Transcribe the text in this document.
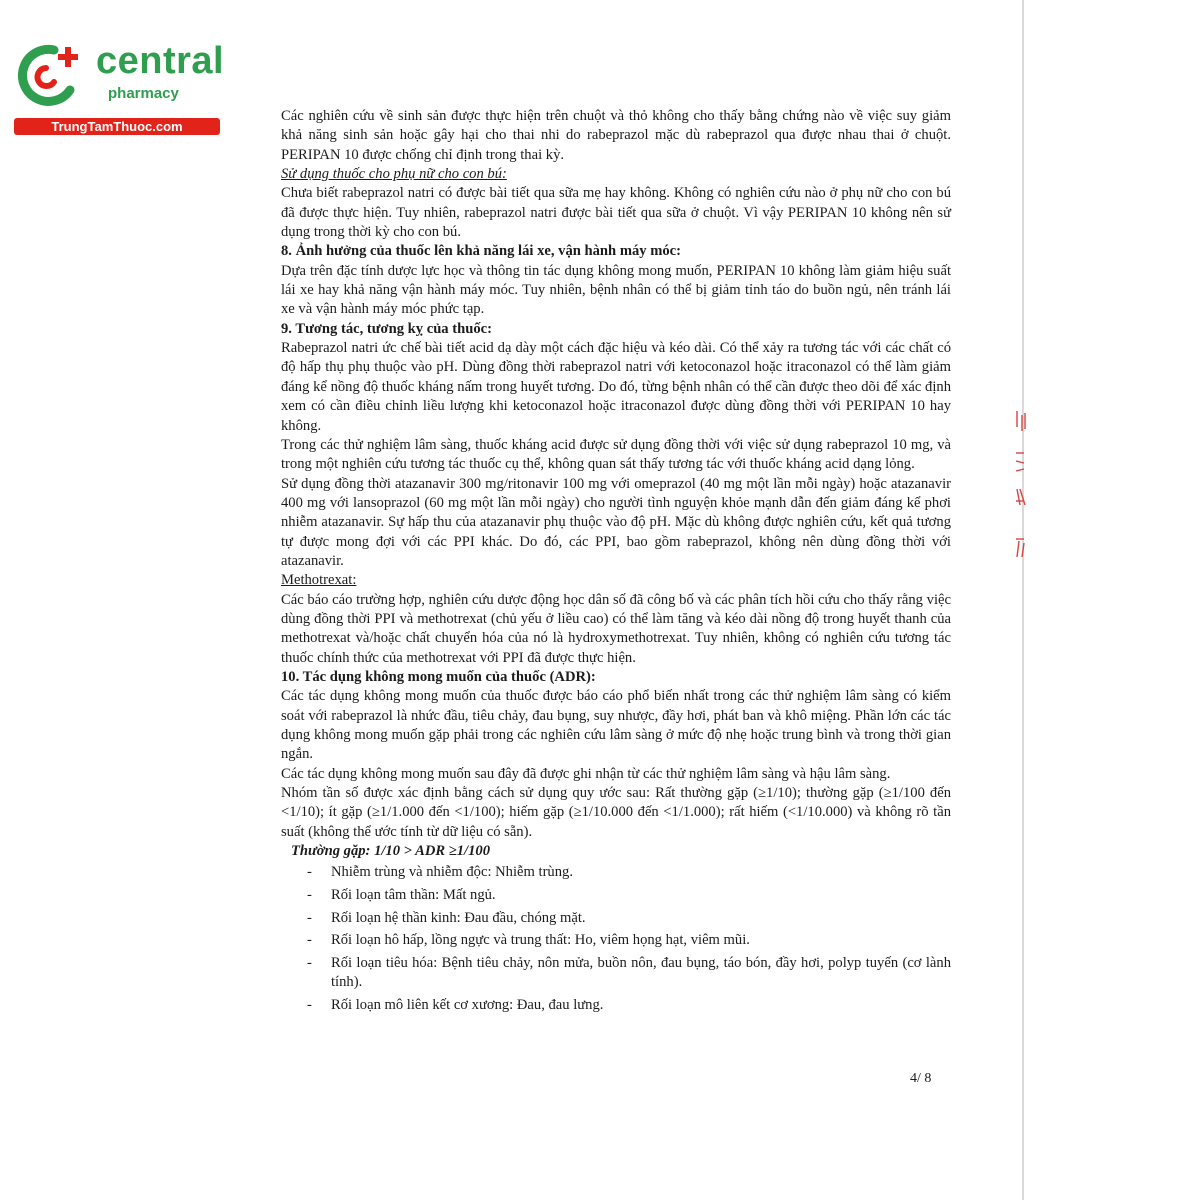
central
pharmacy
TrungTamThuoc.com

Các nghiên cứu về sinh sản được thực hiện trên chuột và thỏ không cho thấy bằng chứng nào về việc suy giảm khả năng sinh sản hoặc gây hại cho thai nhi do rabeprazol mặc dù rabeprazol qua được nhau thai ở chuột. PERIPAN 10 được chống chỉ định trong thai kỳ.

Sử dụng thuốc cho phụ nữ cho con bú:

Chưa biết rabeprazol natri có được bài tiết qua sữa mẹ hay không. Không có nghiên cứu nào ở phụ nữ cho con bú đã được thực hiện. Tuy nhiên, rabeprazol natri được bài tiết qua sữa ở chuột. Vì vậy PERIPAN 10 không nên sử dụng trong thời kỳ cho con bú.

8. Ảnh hưởng của thuốc lên khả năng lái xe, vận hành máy móc:

Dựa trên đặc tính dược lực học và thông tin tác dụng không mong muốn, PERIPAN 10 không làm giảm hiệu suất lái xe hay khả năng vận hành máy móc. Tuy nhiên, bệnh nhân có thể bị giảm tỉnh táo do buồn ngủ, nên tránh lái xe và vận hành máy móc phức tạp.

9. Tương tác, tương kỵ của thuốc:

Rabeprazol natri ức chế bài tiết acid dạ dày một cách đặc hiệu và kéo dài. Có thể xảy ra tương tác với các chất có độ hấp thụ phụ thuộc vào pH. Dùng đồng thời rabeprazol natri với ketoconazol hoặc itraconazol có thể làm giảm đáng kể nồng độ thuốc kháng nấm trong huyết tương. Do đó, từng bệnh nhân có thể cần được theo dõi để xác định xem có cần điều chỉnh liều lượng khi ketoconazol hoặc itraconazol được dùng đồng thời với PERIPAN 10 hay không.

Trong các thử nghiệm lâm sàng, thuốc kháng acid được sử dụng đồng thời với việc sử dụng rabeprazol 10 mg, và trong một nghiên cứu tương tác thuốc cụ thể, không quan sát thấy tương tác với thuốc kháng acid dạng lỏng.

Sử dụng đồng thời atazanavir 300 mg/ritonavir 100 mg với omeprazol (40 mg một lần mỗi ngày) hoặc atazanavir 400 mg với lansoprazol (60 mg một lần mỗi ngày) cho người tình nguyện khỏe mạnh dẫn đến giảm đáng kể phơi nhiễm atazanavir. Sự hấp thu của atazanavir phụ thuộc vào độ pH. Mặc dù không được nghiên cứu, kết quả tương tự được mong đợi với các PPI khác. Do đó, các PPI, bao gồm rabeprazol, không nên dùng đồng thời với atazanavir.

Methotrexat:

Các báo cáo trường hợp, nghiên cứu dược động học dân số đã công bố và các phân tích hồi cứu cho thấy rằng việc dùng đồng thời PPI và methotrexat (chủ yếu ở liều cao) có thể làm tăng và kéo dài nồng độ trong huyết thanh của methotrexat và/hoặc chất chuyển hóa của nó là hydroxymethotrexat. Tuy nhiên, không có nghiên cứu tương tác thuốc chính thức của methotrexat với PPI đã được thực hiện.

10. Tác dụng không mong muốn của thuốc (ADR):

Các tác dụng không mong muốn của thuốc được báo cáo phổ biến nhất trong các thử nghiệm lâm sàng có kiểm soát với rabeprazol là nhức đầu, tiêu chảy, đau bụng, suy nhược, đầy hơi, phát ban và khô miệng. Phần lớn các tác dụng không mong muốn gặp phải trong các nghiên cứu lâm sàng ở mức độ nhẹ hoặc trung bình và trong thời gian ngắn.

Các tác dụng không mong muốn sau đây đã được ghi nhận từ các thử nghiệm lâm sàng và hậu lâm sàng.

Nhóm tần số được xác định bằng cách sử dụng quy ước sau: Rất thường gặp (≥1/10); thường gặp (≥1/100 đến <1/10); ít gặp (≥1/1.000 đến <1/100); hiếm gặp (≥1/10.000 đến <1/1.000); rất hiếm (<1/10.000) và không rõ tần suất (không thể ước tính từ dữ liệu có sẵn).

Thường gặp: 1/10 > ADR ≥1/100

- Nhiễm trùng và nhiễm độc: Nhiễm trùng.
- Rối loạn tâm thần: Mất ngủ.
- Rối loạn hệ thần kinh: Đau đầu, chóng mặt.
- Rối loạn hô hấp, lồng ngực và trung thất: Ho, viêm họng hạt, viêm mũi.
- Rối loạn tiêu hóa: Bệnh tiêu chảy, nôn mửa, buồn nôn, đau bụng, táo bón, đầy hơi, polyp tuyến (cơ lành tính).
- Rối loạn mô liên kết cơ xương: Đau, đau lưng.
4/ 8
